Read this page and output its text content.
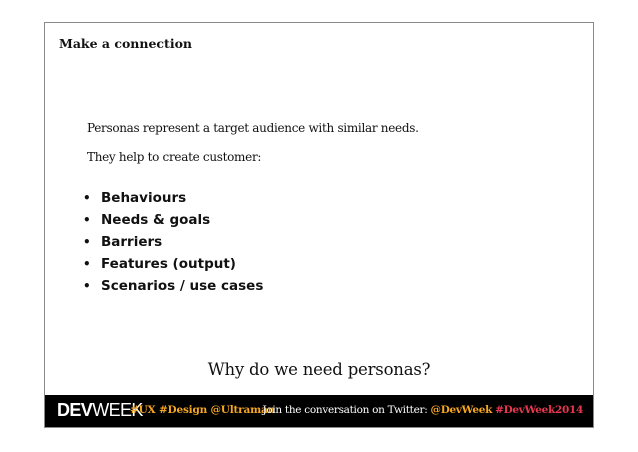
Make a connection
Personas represent a target audience with similar needs.
They help to create customer:
• Behaviours
• Needs & goals
• Barriers
• Features (output)
• Scenarios / use cases
Why do we need personas?
DEVWEEK
#UX #Design @Ultraman
Join the conversation on Twitter: @DevWeek #DevWeek2014
